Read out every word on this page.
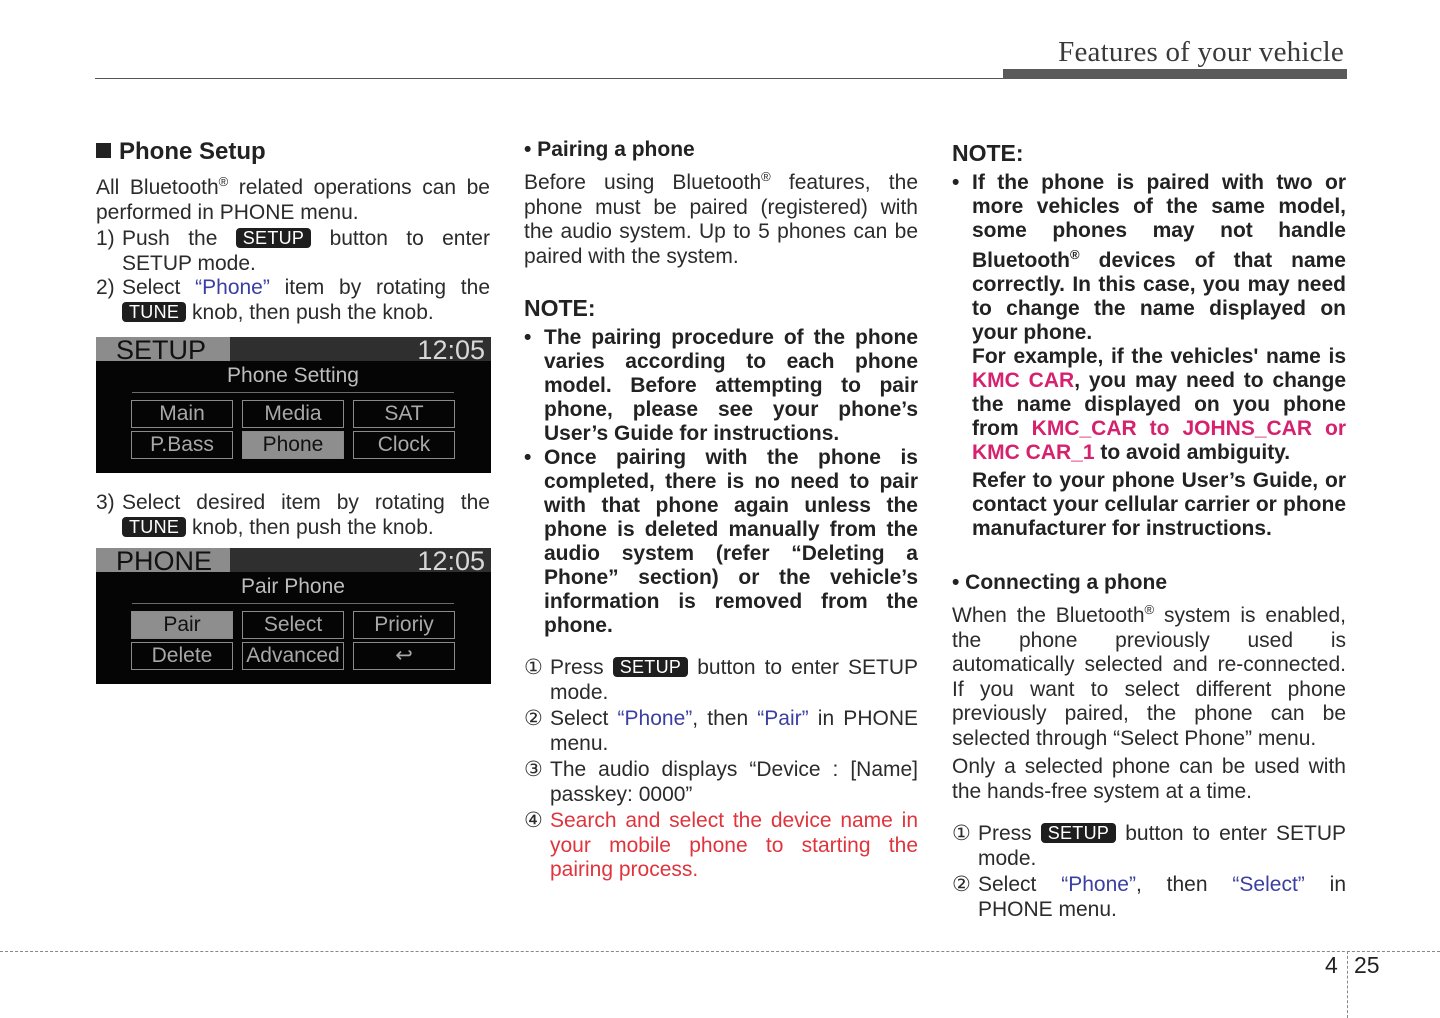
Features of your vehicle
Phone Setup

All Bluetooth® related operations can be performed in PHONE menu.

1) Push the SETUP button to enter SETUP mode.
2) Select “Phone” item by rotating the TUNE knob, then push the knob.
SETUP	12:05
Phone Setting
Main	Media	SAT
P.Bass	Phone	Clock
3) Select desired item by rotating the TUNE knob, then push the knob.
PHONE	12:05
Pair Phone
Pair	Select	Prioriy
Delete	Advanced	↩
• Pairing a phone

Before using Bluetooth® features, the phone must be paired (registered) with the audio system. Up to 5 phones can be paired with the system.

NOTE:
• The pairing procedure of the phone varies according to each phone model. Before attempting to pair phone, please see your phone’s User’s Guide for instructions.
• Once pairing with the phone is completed, there is no need to pair with that phone again unless the phone is deleted manually from the audio system (refer “Deleting a Phone” section) or the vehicle’s information is removed from the phone.
① Press SETUP button to enter SETUP mode.
② Select “Phone”, then “Pair” in PHONE menu.
③ The audio displays “Device : [Name] passkey: 0000”
④ Search and select the device name in your mobile phone to starting the pairing process.
NOTE:
• If the phone is paired with two or more vehicles of the same model, some phones may not handle Bluetooth® devices of that name correctly. In this case, you may need to change the name displayed on your phone.
For example, if the vehicles' name is KMC CAR, you may need to change the name displayed on you phone from KMC_CAR to JOHNS_CAR or KMC CAR_1 to avoid ambiguity.
Refer to your phone User’s Guide, or contact your cellular carrier or phone manufacturer for instructions.
• Connecting a phone

When the Bluetooth® system is enabled, the phone previously used is automatically selected and re-connected. If you want to select different phone previously paired, the phone can be selected through “Select Phone” menu.

Only a selected phone can be used with the hands-free system at a time.

① Press SETUP button to enter SETUP mode.
② Select “Phone”, then “Select” in PHONE menu.
4 25
